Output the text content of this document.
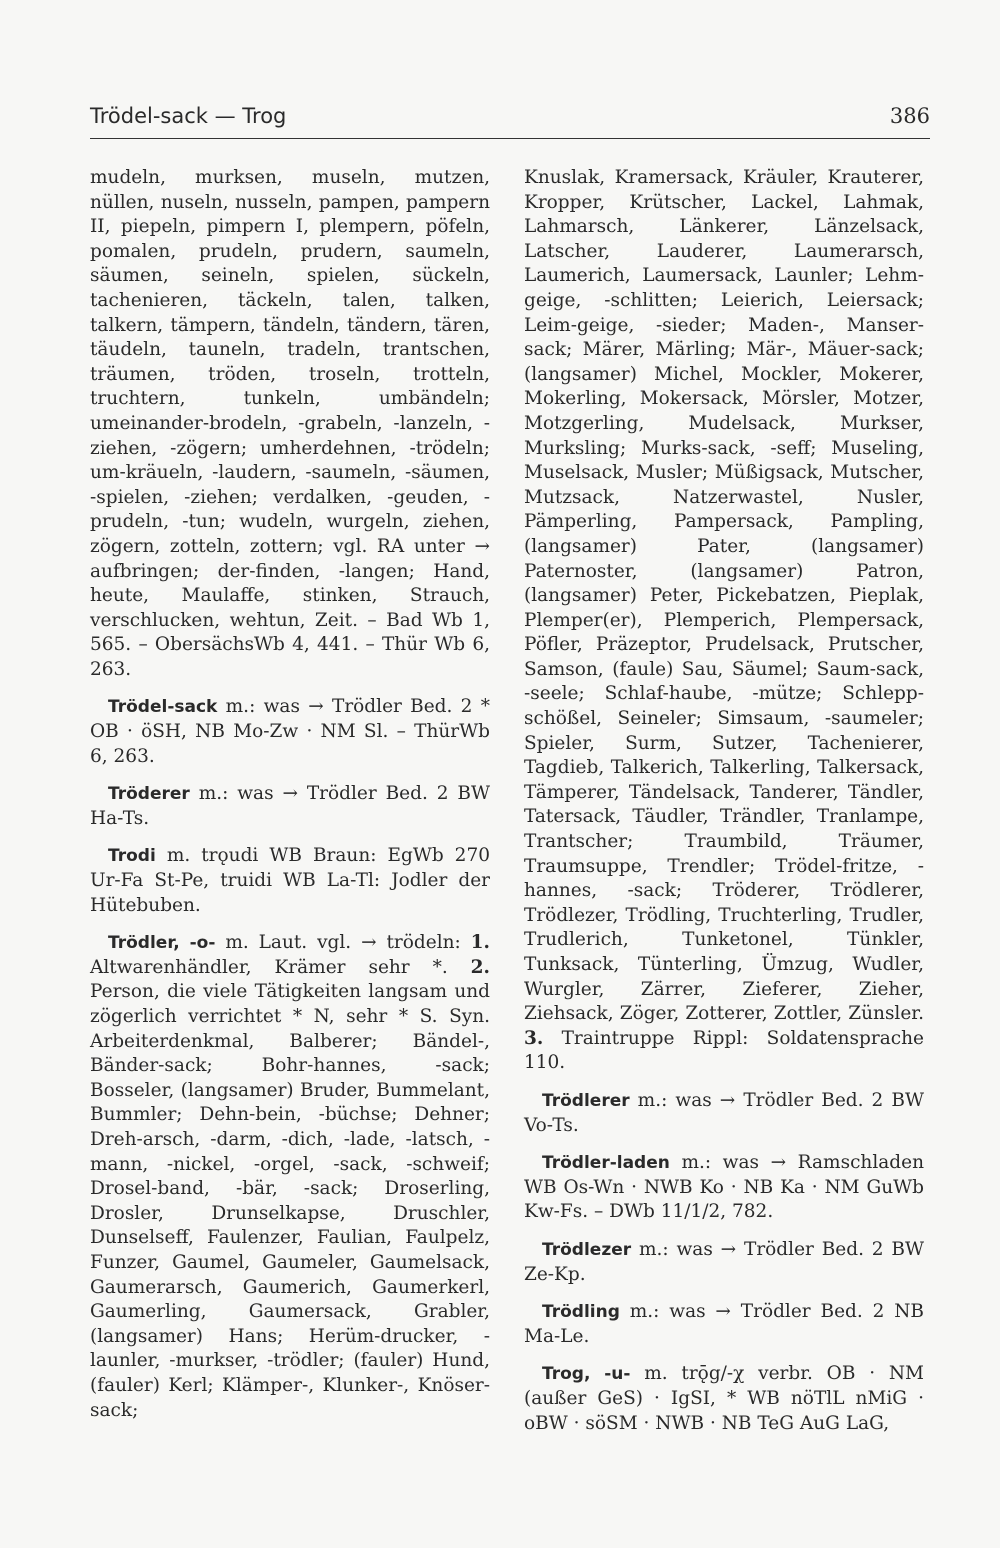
Trödel-sack — Trog	386

mudeln, murksen, museln, mutzen, nüllen, nuseln, nusseln, pampen, pampern II, piepeln, pimpern I, plempern, pöfeln, pomalen, prudeln, prudern, saumeln, säumen, seineln, spielen, sückeln, tachenieren, täckeln, talen, talken, talkern, tämpern, tändeln, tändern, tären, täudeln, tauneln, tradeln, trantschen, träumen, tröden, troseln, trotteln, truchtern, tunkeln, umbändeln; umeinander-brodeln, -grabeln, -lanzeln, -ziehen, -zögern; umherdehnen, -trödeln; um-kräueln, -laudern, -saumeln, -säumen, -spielen, -ziehen; verdalken, -geuden, -prudeln, -tun; wudeln, wurgeln, ziehen, zögern, zotteln, zottern; vgl. RA unter → aufbringen; der-finden, -langen; Hand, heute, Maulaffe, stinken, Strauch, verschlucken, wehtun, Zeit. – Bad Wb 1, 565. – ObersächsWb 4, 441. – Thür Wb 6, 263.

Trödel-sack m.: was → Trödler Bed. 2 * OB · öSH, NB Mo-Zw · NM Sl. – ThürWb 6, 263.

Tröderer m.: was → Trödler Bed. 2 BW Ha-Ts.

Trodi m. trǫudi WB Braun: EgWb 270 Ur-Fa St-Pe, truidi WB La-Tl: Jodler der Hütebuben.

Trödler, -o- m. Laut. vgl. → trödeln: 1. Altwarenhändler, Krämer sehr *. 2. Person, die viele Tätigkeiten langsam und zögerlich verrichtet * N, sehr * S. Syn. Arbeiterdenkmal, Balberer; Bändel-, Bänder-sack; Bohr-hannes, -sack; Bosseler, (langsamer) Bruder, Bummelant, Bummler; Dehn-bein, -büchse; Dehner; Dreh-arsch, -darm, -dich, -lade, -latsch, -mann, -nickel, -orgel, -sack, -schweif; Drosel-band, -bär, -sack; Droserling, Drosler, Drunselkapse, Druschler, Dunselseff, Faulenzer, Faulian, Faulpelz, Funzer, Gaumel, Gaumeler, Gaumelsack, Gaumerarsch, Gaumerich, Gaumerkerl, Gaumerling, Gaumersack, Grabler, (langsamer) Hans; Herüm-drucker, -launler, -murkser, -trödler; (fauler) Hund, (fauler) Kerl; Klämper-, Klunker-, Knöser-sack;

Knuslak, Kramersack, Kräuler, Krauterer, Kropper, Krütscher, Lackel, Lahmak, Lahmarsch, Länkerer, Länzelsack, Latscher, Lauderer, Laumerarsch, Laumerich, Laumersack, Launler; Lehm-geige, -schlitten; Leierich, Leiersack; Leim-geige, -sieder; Maden-, Manser-sack; Märer, Märling; Mär-, Mäuer-sack; (langsamer) Michel, Mockler, Mokerer, Mokerling, Mokersack, Mörsler, Motzer, Motzgerling, Mudelsack, Murkser, Murksling; Murks-sack, -seff; Museling, Muselsack, Musler; Müßigsack, Mutscher, Mutzsack, Natzerwastel, Nusler, Pämperling, Pampersack, Pampling, (langsamer) Pater, (langsamer) Paternoster, (langsamer) Patron, (langsamer) Peter, Pickebatzen, Pieplak, Plemper(er), Plemperich, Plempersack, Pöfler, Präzeptor, Prudelsack, Prutscher, Samson, (faule) Sau, Säumel; Saum-sack, -seele; Schlaf-haube, -mütze; Schlepp-schößel, Seineler; Simsaum, -saumeler; Spieler, Surm, Sutzer, Tachenierer, Tagdieb, Talkerich, Talkerling, Talkersack, Tämperer, Tändelsack, Tanderer, Tändler, Tatersack, Täudler, Trändler, Tranlampe, Trantscher; Traumbild, Träumer, Traumsuppe, Trendler; Trödel-fritze, -hannes, -sack; Tröderer, Trödlerer, Trödlezer, Trödling, Truchterling, Trudler, Trudlerich, Tunketonel, Tünkler, Tunksack, Tünterling, Ümzug, Wudler, Wurgler, Zärrer, Zieferer, Zieher, Ziehsack, Zöger, Zotterer, Zottler, Zünsler. 3. Traintruppe Rippl: Soldatensprache 110.

Trödlerer m.: was → Trödler Bed. 2 BW Vo-Ts.

Trödler-laden m.: was → Ramschladen WB Os-Wn · NWB Ko · NB Ka · NM GuWb Kw-Fs. – DWb 11/1/2, 782.

Trödlezer m.: was → Trödler Bed. 2 BW Ze-Kp.

Trödling m.: was → Trödler Bed. 2 NB Ma-Le.

Trog, -u- m. trǭg/-χ verbr. OB · NM (außer GeS) · IgSI, * WB nöTlL nMiG · oBW · söSM · NWB · NB TeG AuG LaG,
